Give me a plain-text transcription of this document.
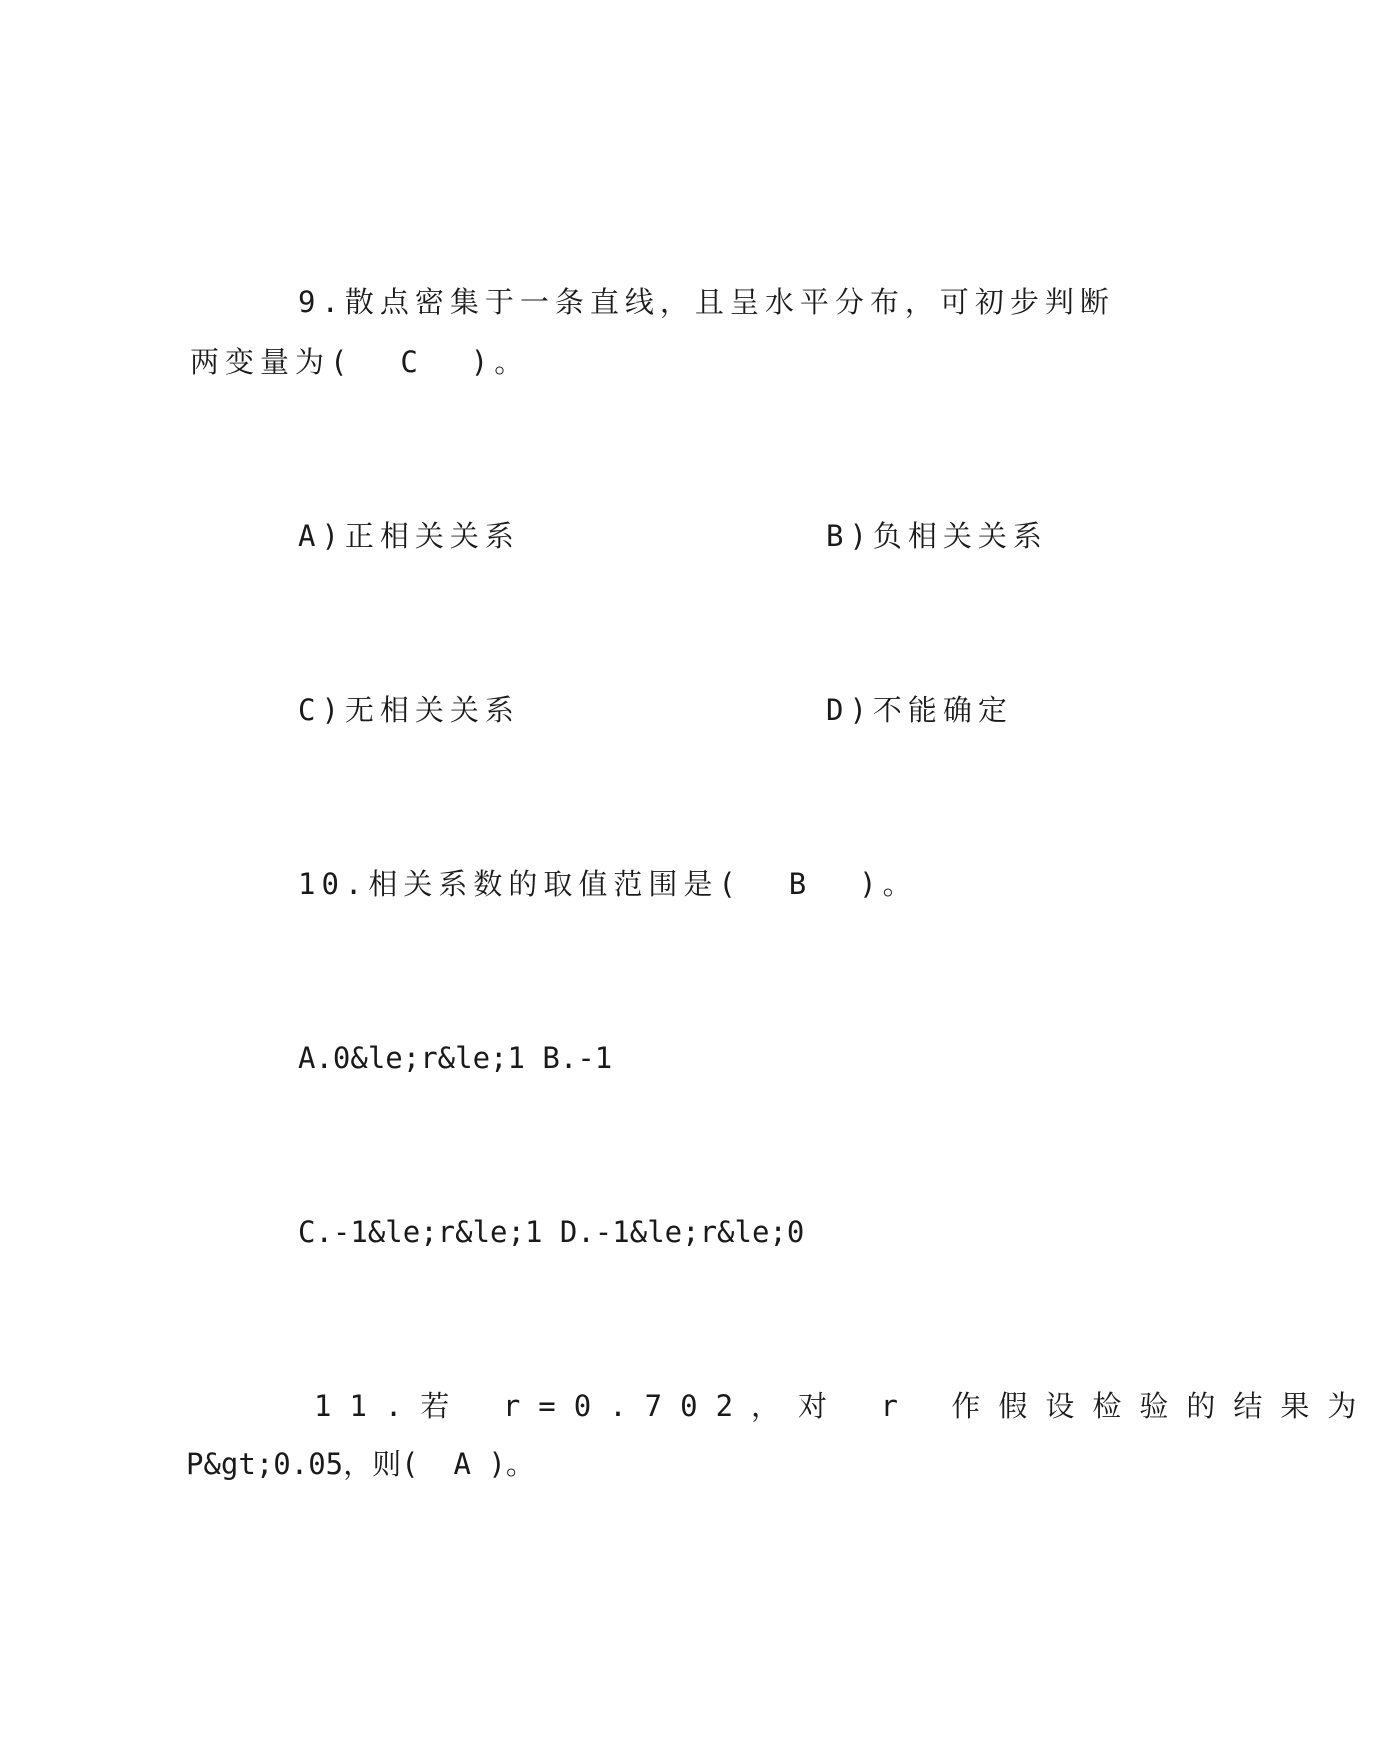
9.散点密集于一条直线，且呈水平分布，可初步判断
两变量为(  C  )。
A)正相关关系	B)负相关关系
C)无相关关系	D)不能确定
10.相关系数的取值范围是(  B  )。
A.0&le;r&le;1 B.-1
C.-1&le;r&le;1 D.-1&le;r&le;0
11.若 r=0.702，对 r 作假设检验的结果为
P&gt;0.05，则(  A )。
